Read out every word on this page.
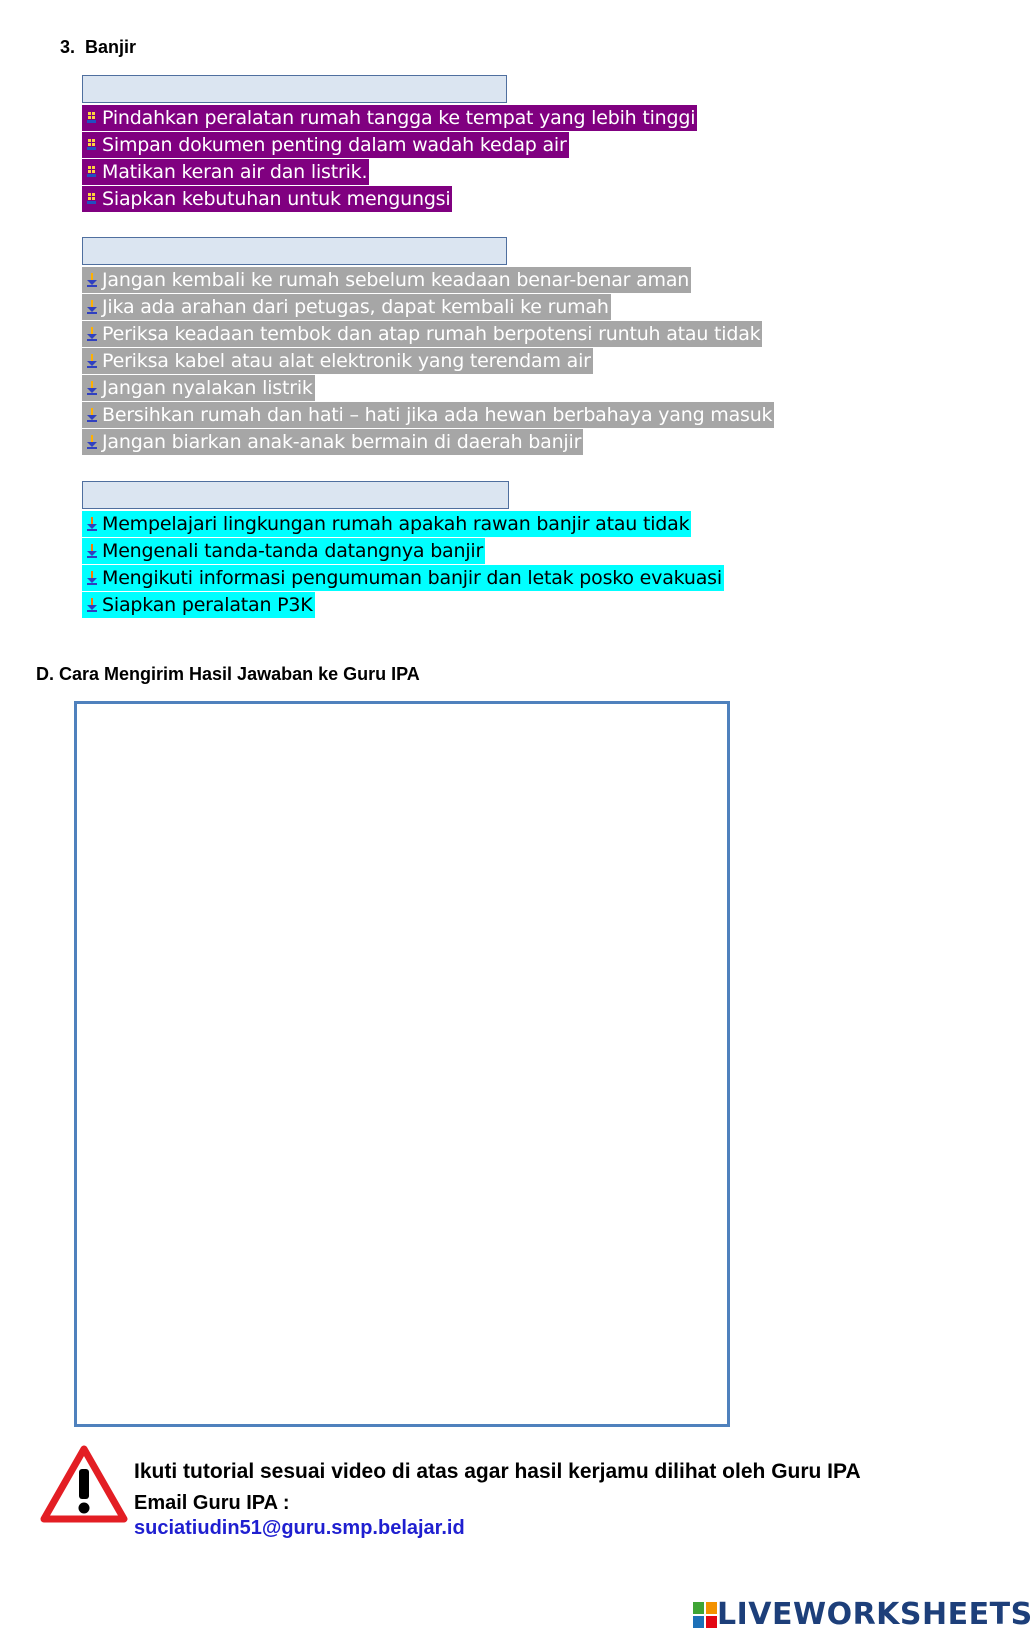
3. Banjir
Pindahkan peralatan rumah tangga ke tempat yang lebih tinggi
Simpan dokumen penting dalam wadah kedap air
Matikan keran air dan listrik.
Siapkan kebutuhan untuk mengungsi
Jangan kembali ke rumah sebelum keadaan benar-benar aman
Jika ada arahan dari petugas, dapat kembali ke rumah
Periksa keadaan tembok dan atap rumah berpotensi runtuh atau tidak
Periksa kabel atau alat elektronik yang terendam air
Jangan nyalakan listrik
Bersihkan rumah dan hati – hati jika ada hewan berbahaya yang masuk
Jangan biarkan anak-anak bermain di daerah banjir
Mempelajari lingkungan rumah apakah rawan banjir atau tidak
Mengenali tanda-tanda datangnya banjir
Mengikuti informasi pengumuman banjir dan letak posko evakuasi
Siapkan peralatan P3K
D. Cara Mengirim Hasil Jawaban ke Guru IPA
Ikuti tutorial sesuai video di atas agar hasil kerjamu dilihat oleh Guru IPA
Email Guru IPA :
suciatiudin51@guru.smp.belajar.id
LIVEWORKSHEETS
